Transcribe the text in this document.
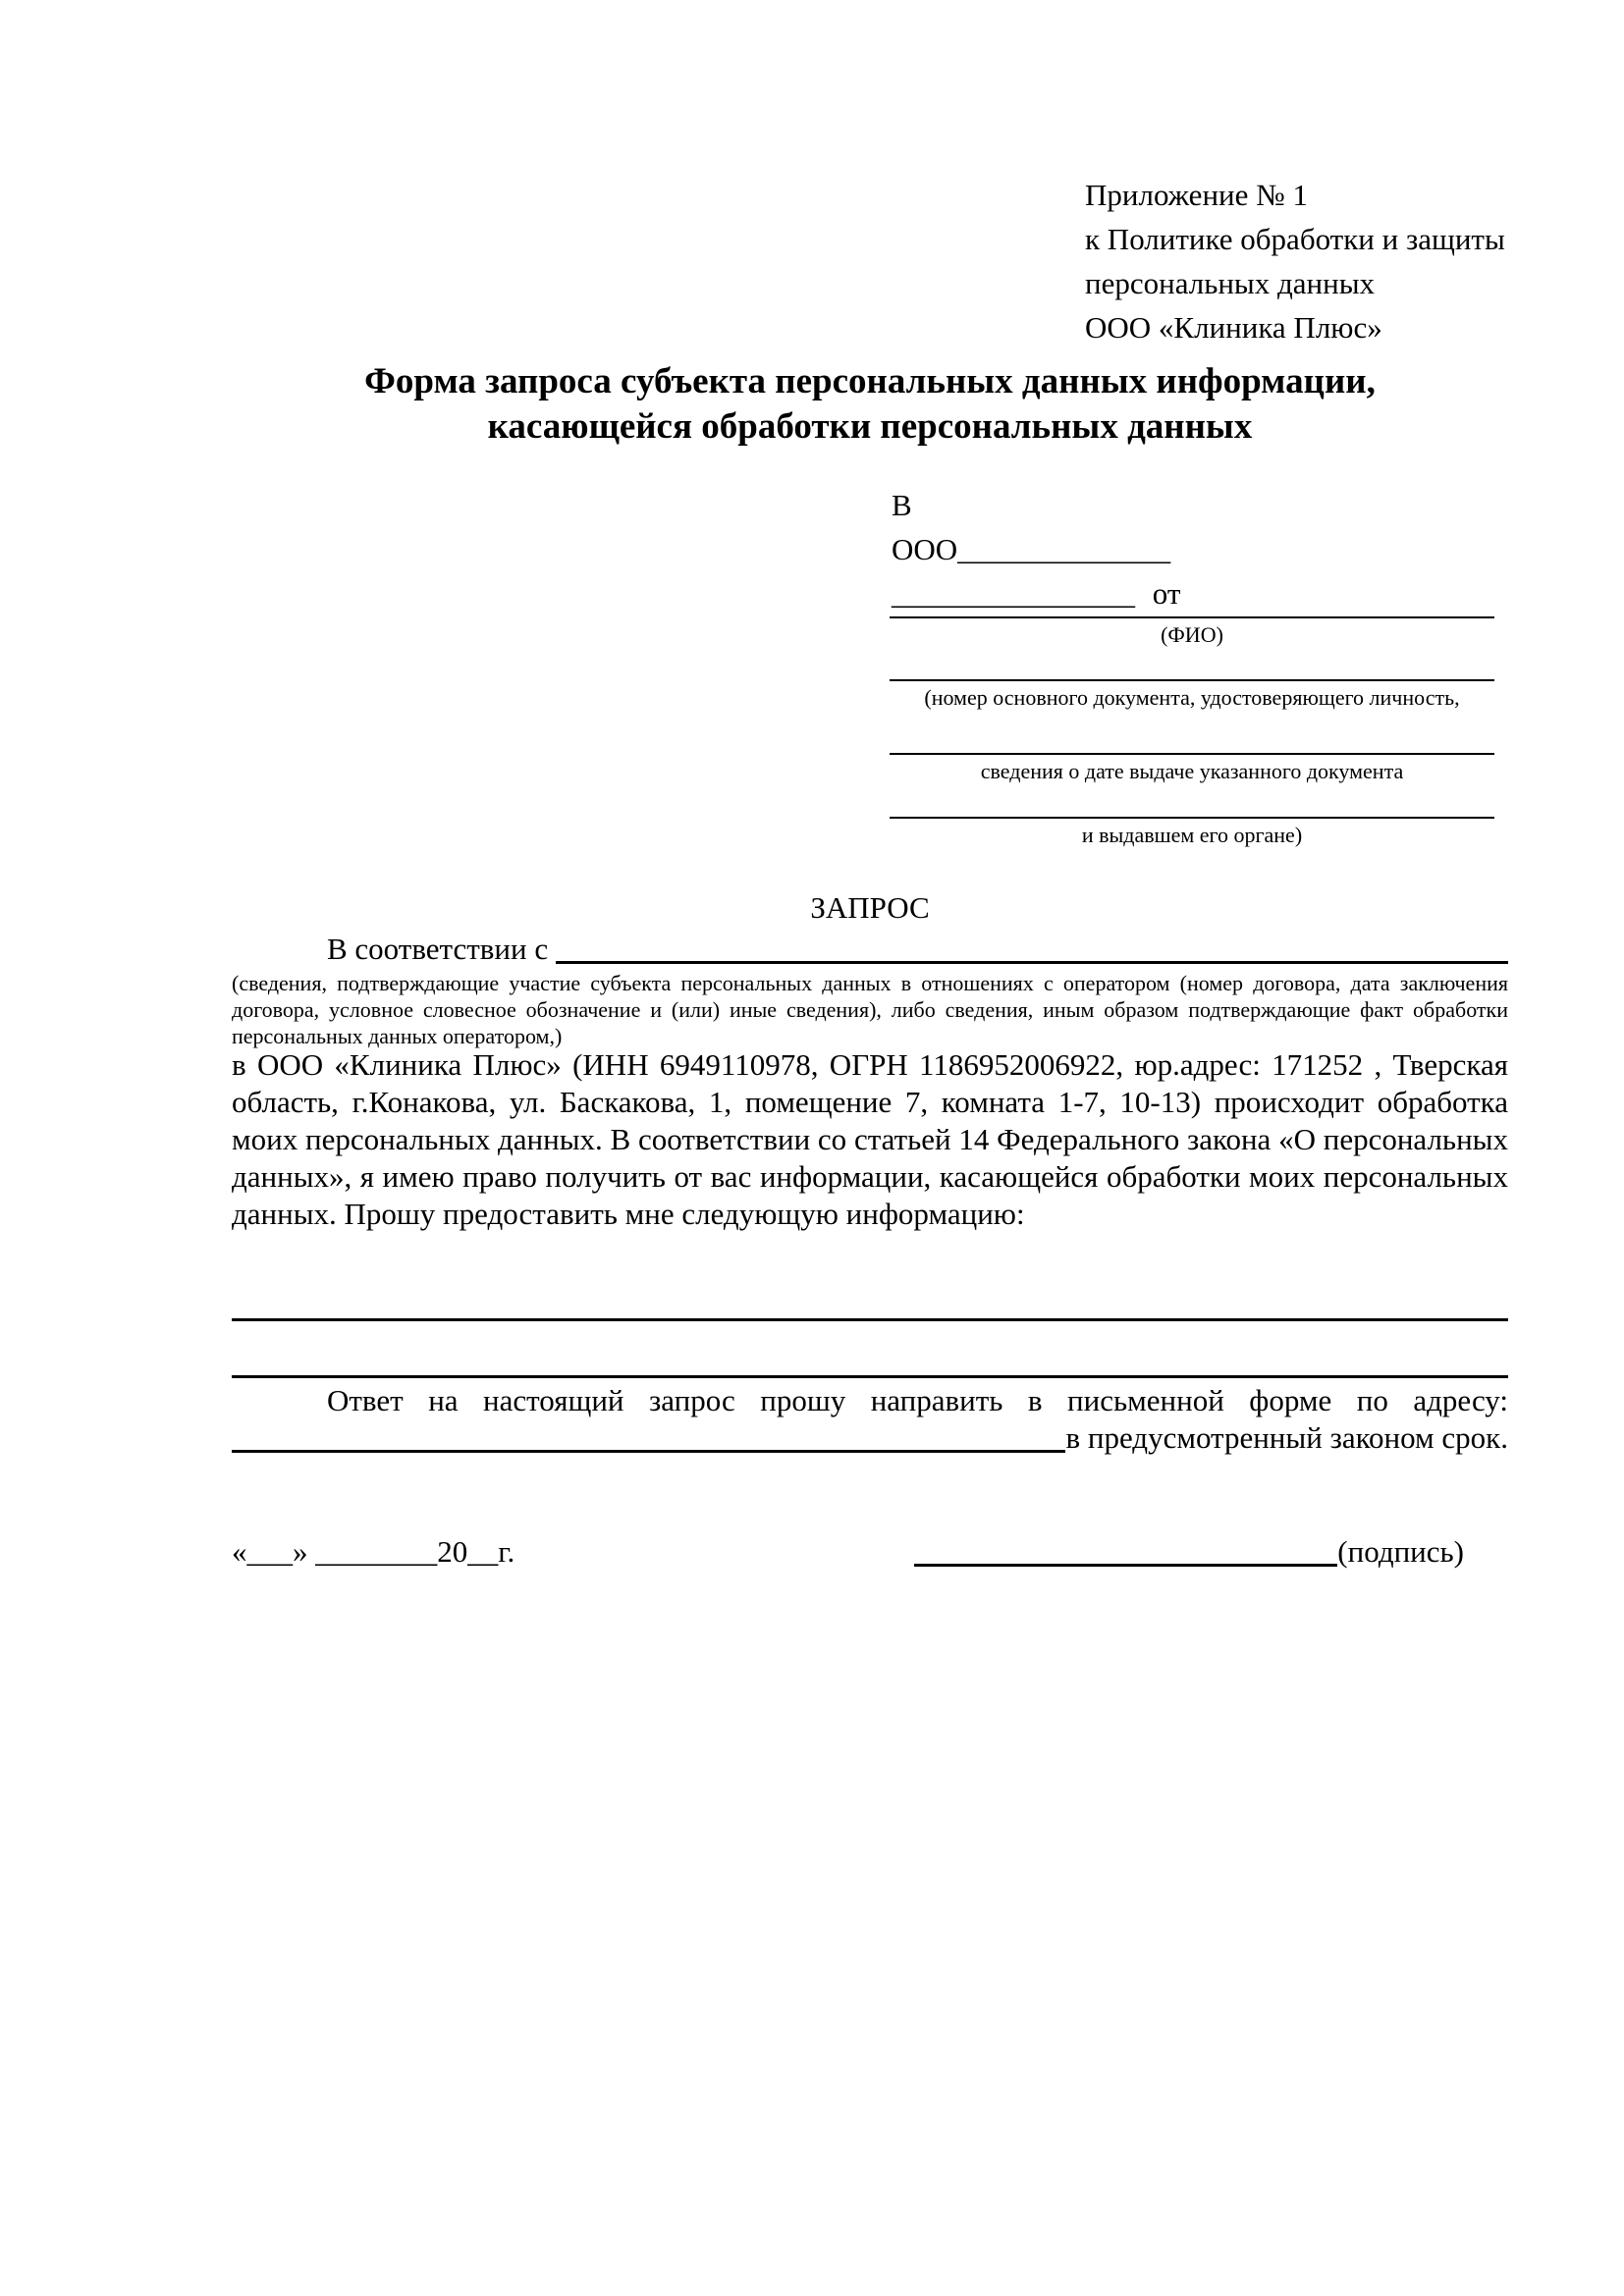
Приложение № 1
к Политике обработки и защиты
персональных данных
ООО «Клиника Плюс»
Форма запроса субъекта персональных данных информации,
касающейся обработки персональных данных
В
ООО______________
________________ от
(ФИО)
(номер основного документа, удостоверяющего личность,
сведения о дате выдаче указанного документа
и выдавшем его органе)
ЗАПРОС
В соответствии с
(сведения, подтверждающие участие субъекта персональных данных в отношениях с оператором (номер договора, дата заключения договора, условное словесное обозначение и (или) иные сведения), либо сведения, иным образом подтверждающие факт обработки персональных данных оператором,)
в ООО «Клиника Плюс» (ИНН 6949110978, ОГРН 1186952006922, юр.адрес: 171252 , Тверская область, г.Конакова, ул. Баскакова, 1, помещение 7, комната 1-7, 10-13) происходит обработка моих персональных данных. В соответствии со статьей 14 Федерального закона «О персональных данных», я имею право получить от вас информации, касающейся обработки моих персональных данных. Прошу предоставить мне следующую информацию:
Ответ на настоящий запрос прошу направить в письменной форме по адресу:
в предусмотренный законом срок.
«___» ________20__г.	(подпись)
